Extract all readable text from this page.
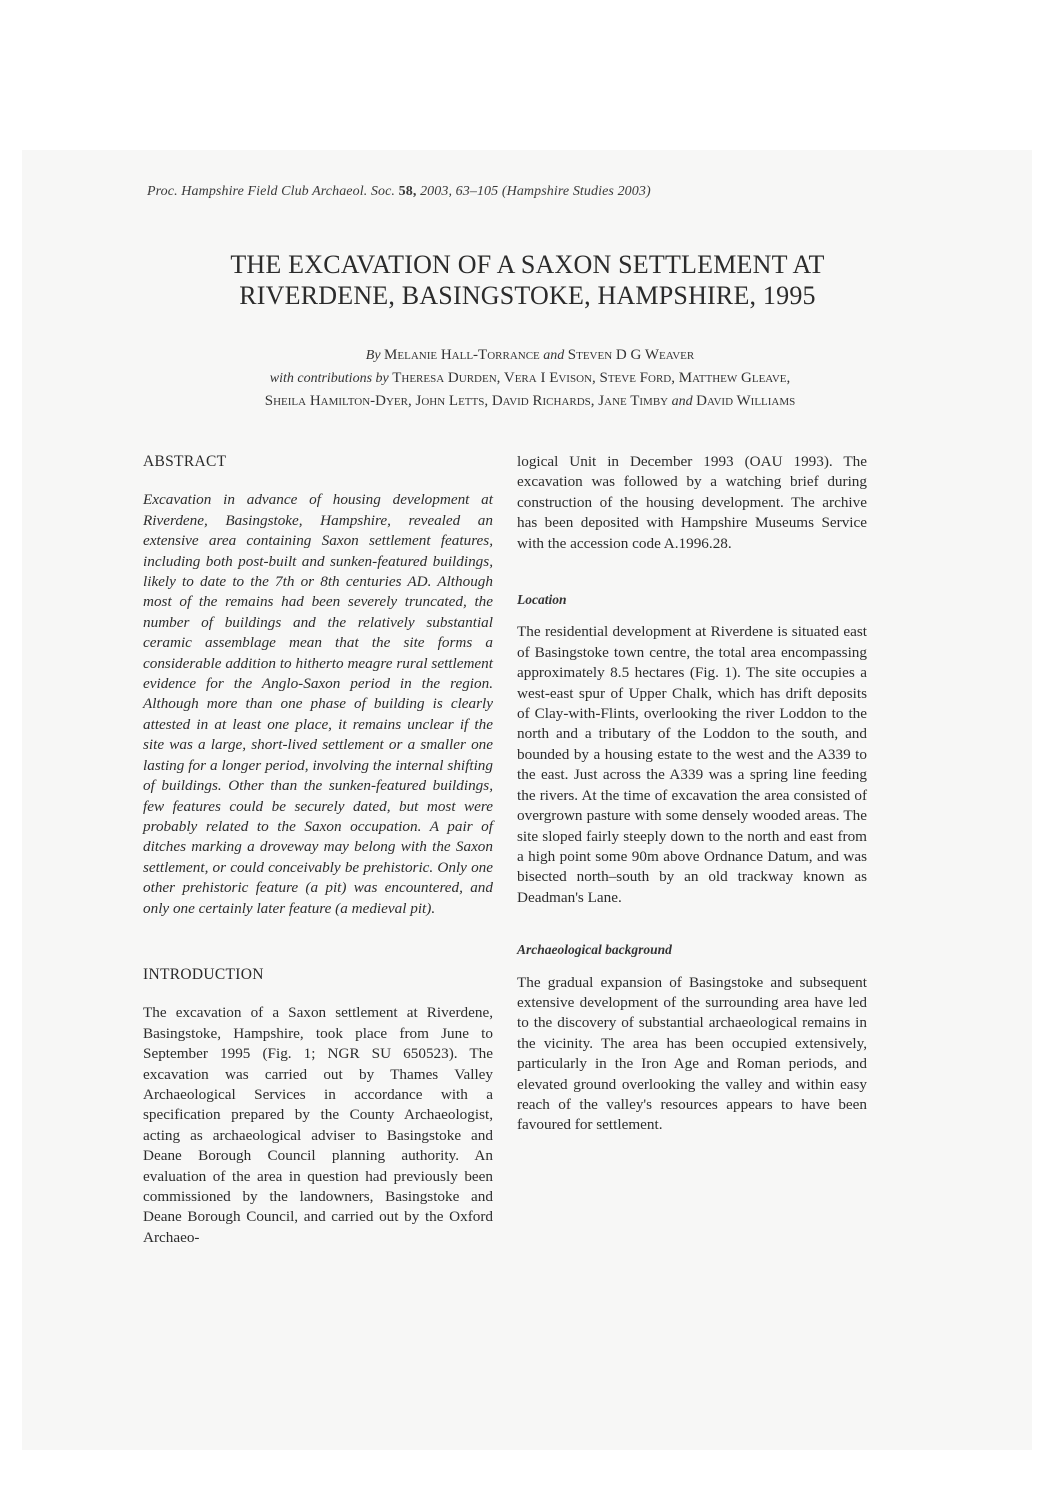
Proc. Hampshire Field Club Archaeol. Soc. 58, 2003, 63–105 (Hampshire Studies 2003)
THE EXCAVATION OF A SAXON SETTLEMENT AT
RIVERDENE, BASINGSTOKE, HAMPSHIRE, 1995
By Melanie Hall-Torrance and Steven D G Weaver
with contributions by Theresa Durden, Vera I Evison, Steve Ford, Matthew Gleave,
Sheila Hamilton-Dyer, John Letts, David Richards, Jane Timby and David Williams
ABSTRACT

Excavation in advance of housing development at Riverdene, Basingstoke, Hampshire, revealed an extensive area containing Saxon settlement features, including both post-built and sunken-featured buildings, likely to date to the 7th or 8th centuries AD. Although most of the remains had been severely truncated, the number of buildings and the relatively substantial ceramic assemblage mean that the site forms a considerable addition to hitherto meagre rural settlement evidence for the Anglo-Saxon period in the region. Although more than one phase of building is clearly attested in at least one place, it remains unclear if the site was a large, short-lived settlement or a smaller one lasting for a longer period, involving the internal shifting of buildings. Other than the sunken-featured buildings, few features could be securely dated, but most were probably related to the Saxon occupation. A pair of ditches marking a droveway may belong with the Saxon settlement, or could conceivably be prehistoric. Only one other prehistoric feature (a pit) was encountered, and only one certainly later feature (a medieval pit).

INTRODUCTION

The excavation of a Saxon settlement at Riverdene, Basingstoke, Hampshire, took place from June to September 1995 (Fig. 1; NGR SU 650523). The excavation was carried out by Thames Valley Archaeological Services in accordance with a specification prepared by the County Archaeologist, acting as archaeological adviser to Basingstoke and Deane Borough Council planning authority. An evaluation of the area in question had previously been commissioned by the landowners, Basingstoke and Deane Borough Council, and carried out by the Oxford Archaeo-

logical Unit in December 1993 (OAU 1993). The excavation was followed by a watching brief during construction of the housing development. The archive has been deposited with Hampshire Museums Service with the accession code A.1996.28.

Location

The residential development at Riverdene is situated east of Basingstoke town centre, the total area encompassing approximately 8.5 hectares (Fig. 1). The site occupies a west-east spur of Upper Chalk, which has drift deposits of Clay-with-Flints, overlooking the river Loddon to the north and a tributary of the Loddon to the south, and bounded by a housing estate to the west and the A339 to the east. Just across the A339 was a spring line feeding the rivers. At the time of excavation the area consisted of overgrown pasture with some densely wooded areas. The site sloped fairly steeply down to the north and east from a high point some 90m above Ordnance Datum, and was bisected north–south by an old trackway known as Deadman's Lane.

Archaeological background

The gradual expansion of Basingstoke and subsequent extensive development of the surrounding area have led to the discovery of substantial archaeological remains in the vicinity. The area has been occupied extensively, particularly in the Iron Age and Roman periods, and elevated ground overlooking the valley and within easy reach of the valley's resources appears to have been favoured for settlement.
